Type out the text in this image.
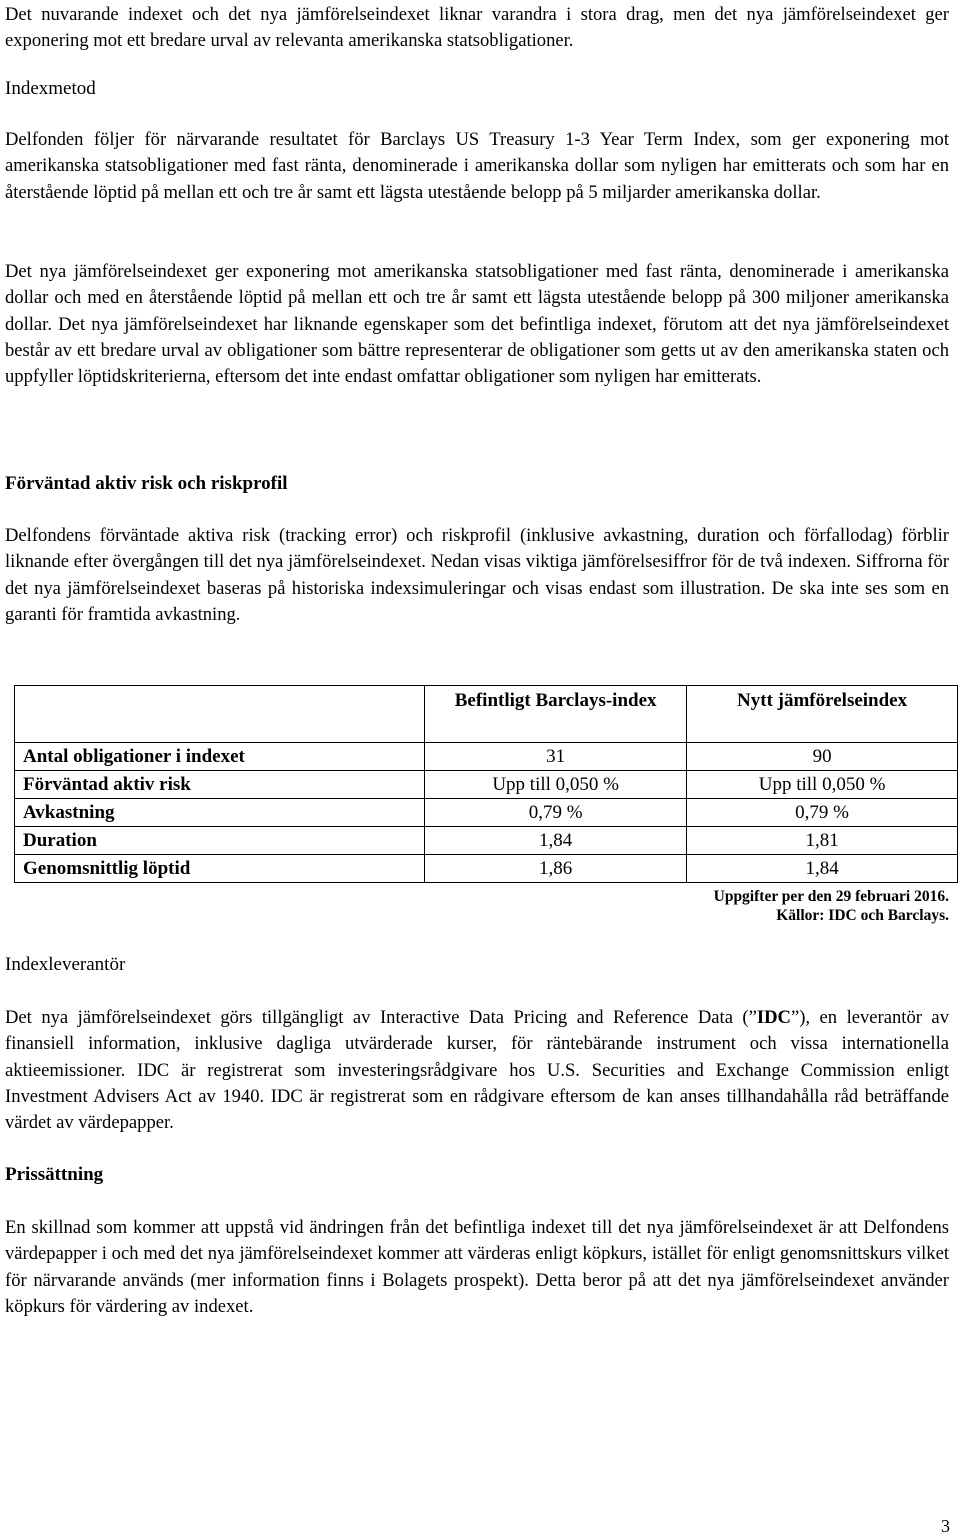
Det nuvarande indexet och det nya jämförelseindexet liknar varandra i stora drag, men det nya jämförelseindexet ger exponering mot ett bredare urval av relevanta amerikanska statsobligationer.

Indexmetod

Delfonden följer för närvarande resultatet för Barclays US Treasury 1-3 Year Term Index, som ger exponering mot amerikanska statsobligationer med fast ränta, denominerade i amerikanska dollar som nyligen har emitterats och som har en återstående löptid på mellan ett och tre år samt ett lägsta utestående belopp på 5 miljarder amerikanska dollar.

Det nya jämförelseindexet ger exponering mot amerikanska statsobligationer med fast ränta, denominerade i amerikanska dollar och med en återstående löptid på mellan ett och tre år samt ett lägsta utestående belopp på 300 miljoner amerikanska dollar. Det nya jämförelseindexet har liknande egenskaper som det befintliga indexet, förutom att det nya jämförelseindexet består av ett bredare urval av obligationer som bättre representerar de obligationer som getts ut av den amerikanska staten och uppfyller löptidskriterierna, eftersom det inte endast omfattar obligationer som nyligen har emitterats.

Förväntad aktiv risk och riskprofil

Delfondens förväntade aktiva risk (tracking error) och riskprofil (inklusive avkastning, duration och förfallodag) förblir liknande efter övergången till det nya jämförelseindexet. Nedan visas viktiga jämförelsesiffror för de två indexen. Siffrorna för det nya jämförelseindexet baseras på historiska indexsimuleringar och visas endast som illustration. De ska inte ses som en garanti för framtida avkastning.

	Befintligt Barclays-index	Nytt jämförelseindex
Antal obligationer i indexet	31	90
Förväntad aktiv risk	Upp till 0,050 %	Upp till 0,050 %
Avkastning	0,79 %	0,79 %
Duration	1,84	1,81
Genomsnittlig löptid	1,86	1,84
Uppgifter per den 29 februari 2016.
Källor: IDC och Barclays.
Indexleverantör

Det nya jämförelseindexet görs tillgängligt av Interactive Data Pricing and Reference Data (”IDC”), en leverantör av finansiell information, inklusive dagliga utvärderade kurser, för räntebärande instrument och vissa internationella aktieemissioner. IDC är registrerat som investeringsrådgivare hos U.S. Securities and Exchange Commission enligt Investment Advisers Act av 1940. IDC är registrerat som en rådgivare eftersom de kan anses tillhandahålla råd beträffande värdet av värdepapper.

Prissättning

En skillnad som kommer att uppstå vid ändringen från det befintliga indexet till det nya jämförelseindexet är att Delfondens värdepapper i och med det nya jämförelseindexet kommer att värderas enligt köpkurs, istället för enligt genomsnittskurs vilket för närvarande används (mer information finns i Bolagets prospekt). Detta beror på att det nya jämförelseindexet använder köpkurs för värdering av indexet.

3
